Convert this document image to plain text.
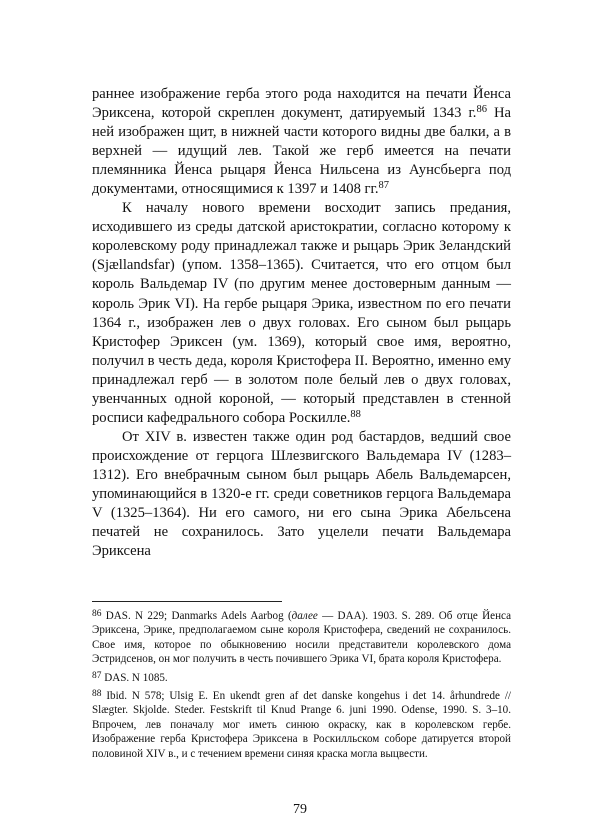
раннее изображение герба этого рода находится на печати Йенса Эриксена, которой скреплен документ, датируемый 1343 г.$^{86}$ На ней изображен щит, в нижней части которого видны две балки, а в верхней — идущий лев. Такой же герб имеется на печати племянника Йенса рыцаря Йенса Нильсена из Аунсбьерга под документами, относящимися к 1397 и 1408 гг.$^{87}$

К началу нового времени восходит запись предания, исходившего из среды датской аристократии, согласно которому к королевскому роду принадлежал также и рыцарь Эрик Зеландский (Sjællandsfar) (упом. 1358–1365). Считается, что его отцом был король Вальдемар IV (по другим менее достоверным данным — король Эрик VI). На гербе рыцаря Эрика, известном по его печати 1364 г., изображен лев о двух головах. Его сыном был рыцарь Кристофер Эриксен (ум. 1369), который свое имя, вероятно, получил в честь деда, короля Кристофера II. Вероятно, именно ему принадлежал герб — в золотом поле белый лев о двух головах, увенчанных одной короной, — который представлен в стенной росписи кафедрального собора Роскилле.$^{88}$

От XIV в. известен также один род бастардов, ведший свое происхождение от герцога Шлезвигского Вальдемара IV (1283–1312). Его внебрачным сыном был рыцарь Абель Вальдемарсен, упоминающийся в 1320-е гг. среди советников герцога Вальдемара V (1325–1364). Ни его самого, ни его сына Эрика Абельсена печатей не сохранилось. Зато уцелели печати Вальдемара Эриксена

$^{86}$ DAS. N 229; Danmarks Adels Aarbog (далее — DAA). 1903. S. 289. Об отце Йенса Эриксена, Эрике, предполагаемом сыне короля Кристофера, сведений не сохранилось. Свое имя, которое по обыкновению носили представители королевского дома Эстридсенов, он мог получить в честь почившего Эрика VI, брата короля Кристофера.

$^{87}$ DAS. N 1085.

$^{88}$ Ibid. N 578; Ulsig E. En ukendt gren af det danske kongehus i det 14. århundrede // Slægter. Skjolde. Steder. Festskrift til Knud Prange 6. juni 1990. Odense, 1990. S. 3–10. Впрочем, лев поначалу мог иметь синюю окраску, как в королевском гербе. Изображение герба Кристофера Эриксена в Роскилльском соборе датируется второй половиной XIV в., и с течением времени синяя краска могла выцвести.

79
